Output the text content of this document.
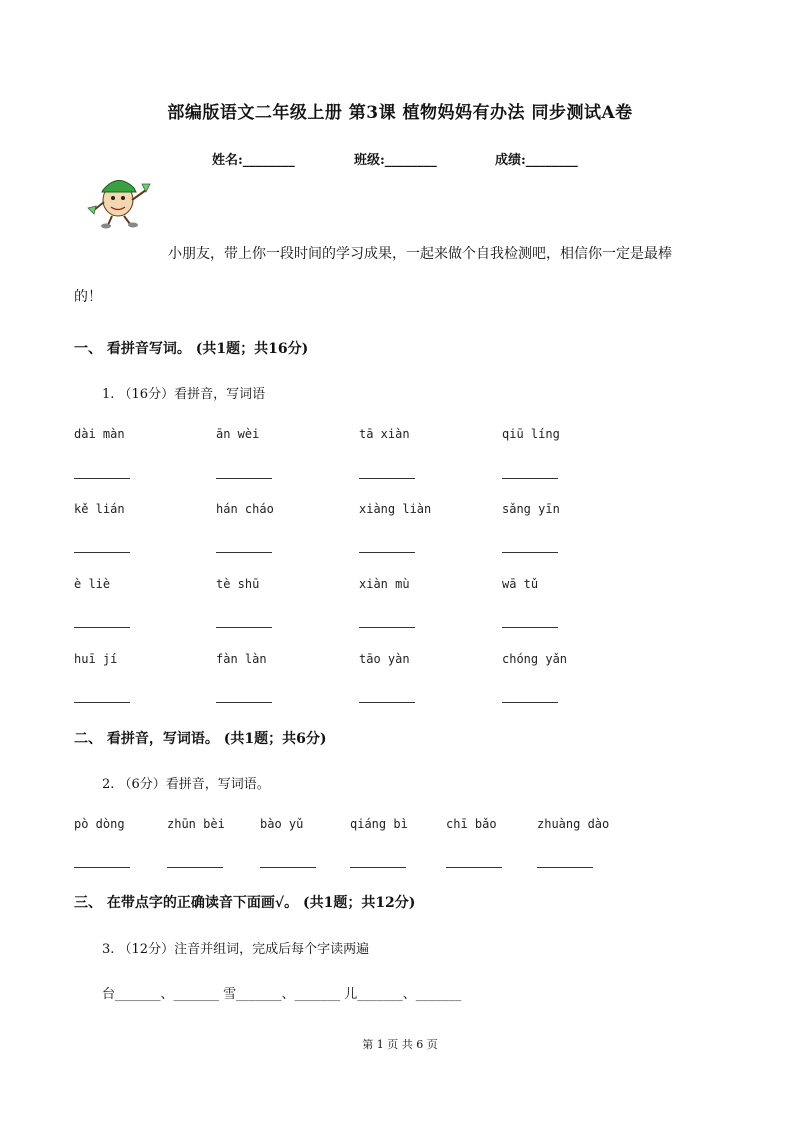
部编版语文二年级上册 第3课 植物妈妈有办法 同步测试A卷
姓名:________	班级:________	成绩:________
小朋友，带上你一段时间的学习成果，一起来做个自我检测吧，相信你一定是最棒
的！
一、 看拼音写词。 (共1题；共16分)
1. （16分）看拼音，写词语
dài màn	ān wèi	tā xiàn	qiū líng
kě lián	hán cháo	xiàng liàn	sǎng yīn
è liè	tè shū	xiàn mù	wā tǔ
huī jí	fàn làn	tāo yàn	chóng yǎn
二、 看拼音，写词语。 (共1题；共6分)
2. （6分）看拼音，写词语。
pò dòng	zhūn bèi	bào yǔ	qiáng bì	chī bǎo	zhuàng dào
三、 在带点字的正确读音下面画√。 (共1题；共12分)
3. （12分）注音并组词，完成后每个字读两遍
台_______、_______ 雪_______、_______ 儿_______、_______
第 1 页 共 6 页
